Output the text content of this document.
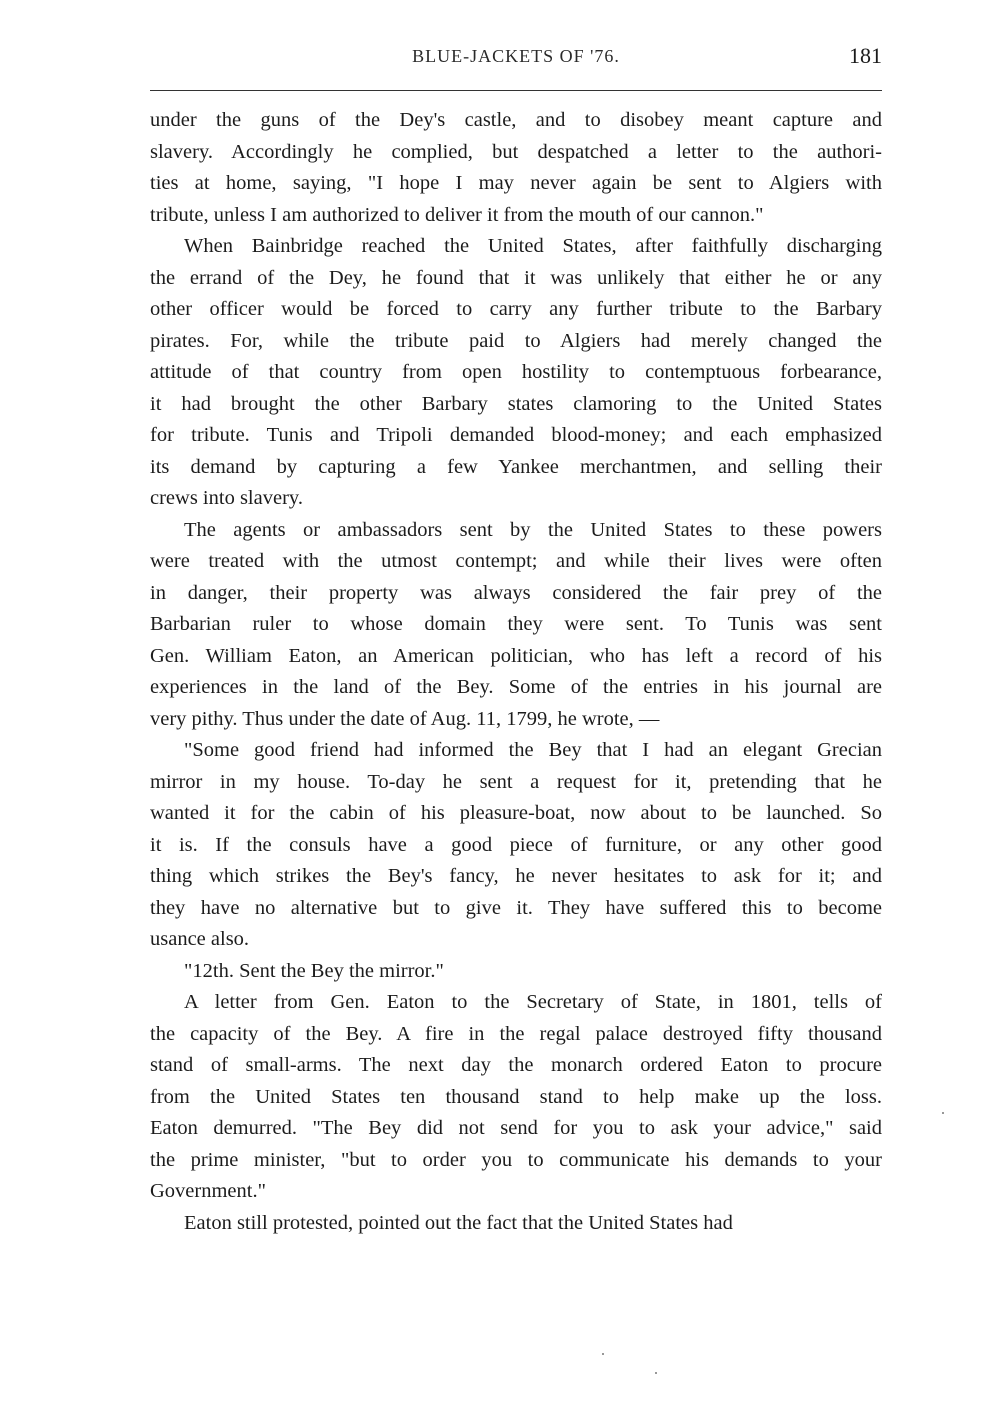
BLUE-JACKETS OF '76.	181
under the guns of the Dey's castle, and to disobey meant capture and
slavery. Accordingly he complied, but despatched a letter to the authori-
ties at home, saying, "I hope I may never again be sent to Algiers with
tribute, unless I am authorized to deliver it from the mouth of our cannon."
When Bainbridge reached the United States, after faithfully discharging
the errand of the Dey, he found that it was unlikely that either he or any
other officer would be forced to carry any further tribute to the Barbary
pirates. For, while the tribute paid to Algiers had merely changed the
attitude of that country from open hostility to contemptuous forbearance,
it had brought the other Barbary states clamoring to the United States
for tribute. Tunis and Tripoli demanded blood-money; and each emphasized
its demand by capturing a few Yankee merchantmen, and selling their
crews into slavery.
The agents or ambassadors sent by the United States to these powers
were treated with the utmost contempt; and while their lives were often
in danger, their property was always considered the fair prey of the
Barbarian ruler to whose domain they were sent. To Tunis was sent
Gen. William Eaton, an American politician, who has left a record of his
experiences in the land of the Bey. Some of the entries in his journal are
very pithy. Thus under the date of Aug. 11, 1799, he wrote, —
"Some good friend had informed the Bey that I had an elegant Grecian
mirror in my house. To-day he sent a request for it, pretending that he
wanted it for the cabin of his pleasure-boat, now about to be launched. So
it is. If the consuls have a good piece of furniture, or any other good
thing which strikes the Bey's fancy, he never hesitates to ask for it; and
they have no alternative but to give it. They have suffered this to become
usance also.
"12th. Sent the Bey the mirror."
A letter from Gen. Eaton to the Secretary of State, in 1801, tells of
the capacity of the Bey. A fire in the regal palace destroyed fifty thousand
stand of small-arms. The next day the monarch ordered Eaton to procure
from the United States ten thousand stand to help make up the loss.
Eaton demurred. "The Bey did not send for you to ask your advice," said
the prime minister, "but to order you to communicate his demands to your
Government."
Eaton still protested, pointed out the fact that the United States had
